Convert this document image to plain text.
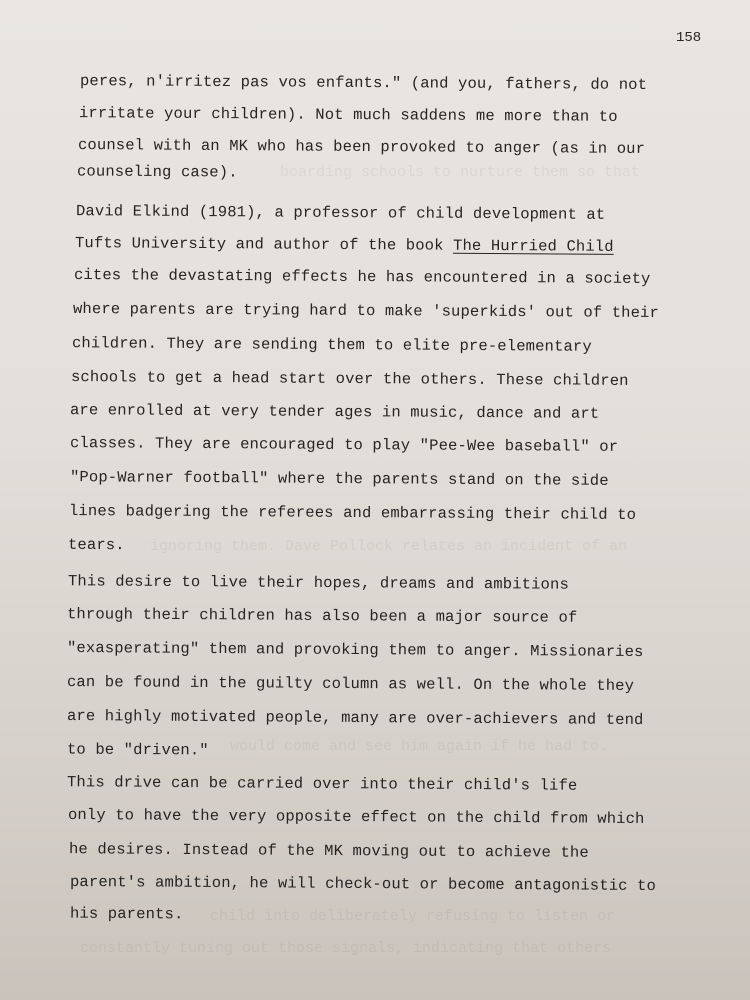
boarding schools to nurture them so that
ignoring them. Dave Pollock relates an incident of an
would come and see him again if he had to.
child into deliberately refusing to listen or
constantly tuning out those signals, indicating that others
158
peres, n'irritez pas vos enfants." (and you, fathers, do not
irritate your children). Not much saddens me more than to
counsel with an MK who has been provoked to anger (as in our
counseling case).
David Elkind (1981), a professor of child development at
Tufts University and author of the book The Hurried Child
cites the devastating effects he has encountered in a society
where parents are trying hard to make 'superkids' out of their
children. They are sending them to elite pre-elementary
schools to get a head start over the others. These children
are enrolled at very tender ages in music, dance and art
classes. They are encouraged to play "Pee-Wee baseball" or
"Pop-Warner football" where the parents stand on the side
lines badgering the referees and embarrassing their child to
tears.
This desire to live their hopes, dreams and ambitions
through their children has also been a major source of
"exasperating" them and provoking them to anger. Missionaries
can be found in the guilty column as well. On the whole they
are highly motivated people, many are over-achievers and tend
to be "driven."
This drive can be carried over into their child's life
only to have the very opposite effect on the child from which
he desires. Instead of the MK moving out to achieve the
parent's ambition, he will check-out or become antagonistic to
his parents.
